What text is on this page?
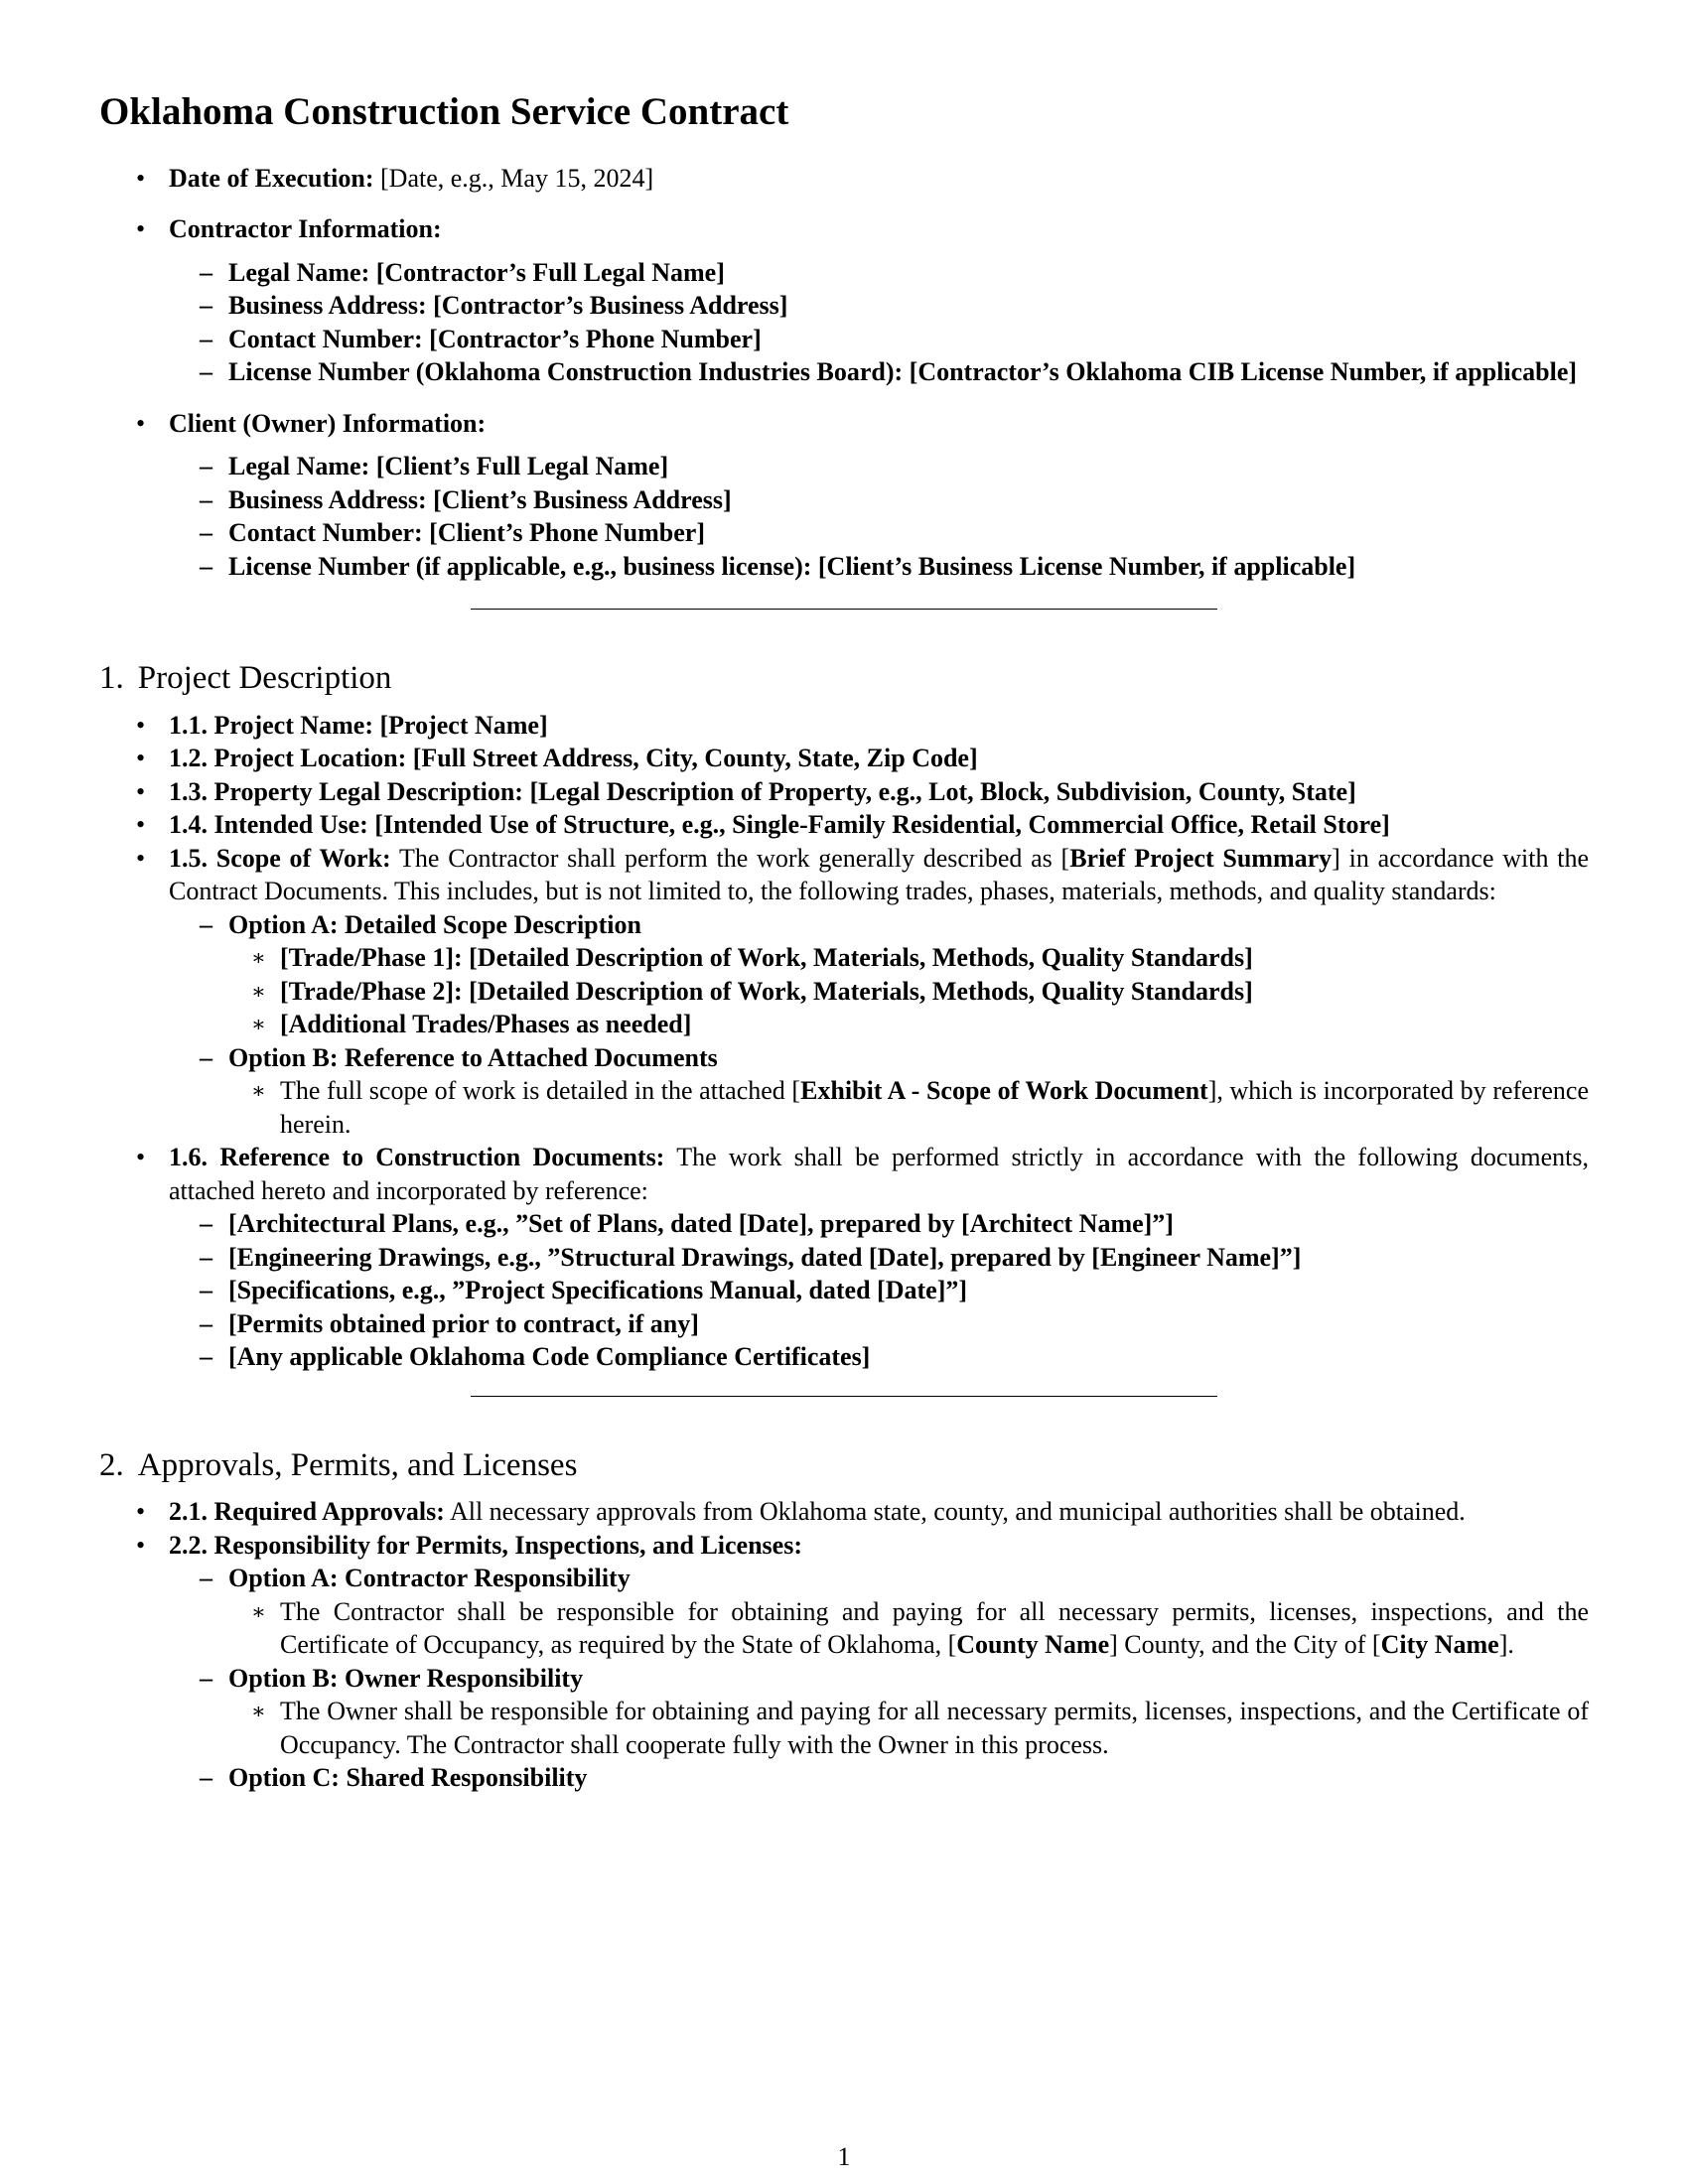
Oklahoma Construction Service Contract
• Date of Execution: [Date, e.g., May 15, 2024]
• Contractor Information:
– Legal Name: [Contractor’s Full Legal Name]
– Business Address: [Contractor’s Business Address]
– Contact Number: [Contractor’s Phone Number]
– License Number (Oklahoma Construction Industries Board): [Contractor’s Oklahoma CIB License Number, if applicable]
• Client (Owner) Information:
– Legal Name: [Client’s Full Legal Name]
– Business Address: [Client’s Business Address]
– Contact Number: [Client’s Phone Number]
– License Number (if applicable, e.g., business license): [Client’s Business License Number, if applicable]
1. Project Description
• 1.1. Project Name: [Project Name]
• 1.2. Project Location: [Full Street Address, City, County, State, Zip Code]
• 1.3. Property Legal Description: [Legal Description of Property, e.g., Lot, Block, Subdivision, County, State]
• 1.4. Intended Use: [Intended Use of Structure, e.g., Single-Family Residential, Commercial Office, Retail Store]
• 1.5. Scope of Work: The Contractor shall perform the work generally described as [Brief Project Summary] in accordance with the Contract Documents. This includes, but is not limited to, the following trades, phases, materials, methods, and quality standards:
– Option A: Detailed Scope Description
∗ [Trade/Phase 1]: [Detailed Description of Work, Materials, Methods, Quality Standards]
∗ [Trade/Phase 2]: [Detailed Description of Work, Materials, Methods, Quality Standards]
∗ [Additional Trades/Phases as needed]
– Option B: Reference to Attached Documents
∗ The full scope of work is detailed in the attached [Exhibit A - Scope of Work Document], which is incorporated by reference herein.
• 1.6. Reference to Construction Documents: The work shall be performed strictly in accordance with the following documents, attached hereto and incorporated by reference:
– [Architectural Plans, e.g., ”Set of Plans, dated [Date], prepared by [Architect Name]”]
– [Engineering Drawings, e.g., ”Structural Drawings, dated [Date], prepared by [Engineer Name]”]
– [Specifications, e.g., ”Project Specifications Manual, dated [Date]”]
– [Permits obtained prior to contract, if any]
– [Any applicable Oklahoma Code Compliance Certificates]
2. Approvals, Permits, and Licenses
• 2.1. Required Approvals: All necessary approvals from Oklahoma state, county, and municipal authorities shall be obtained.
• 2.2. Responsibility for Permits, Inspections, and Licenses:
– Option A: Contractor Responsibility
∗ The Contractor shall be responsible for obtaining and paying for all necessary permits, licenses, inspections, and the Certificate of Occupancy, as required by the State of Oklahoma, [County Name] County, and the City of [City Name].
– Option B: Owner Responsibility
∗ The Owner shall be responsible for obtaining and paying for all necessary permits, licenses, inspections, and the Certificate of Occupancy. The Contractor shall cooperate fully with the Owner in this process.
– Option C: Shared Responsibility
1
